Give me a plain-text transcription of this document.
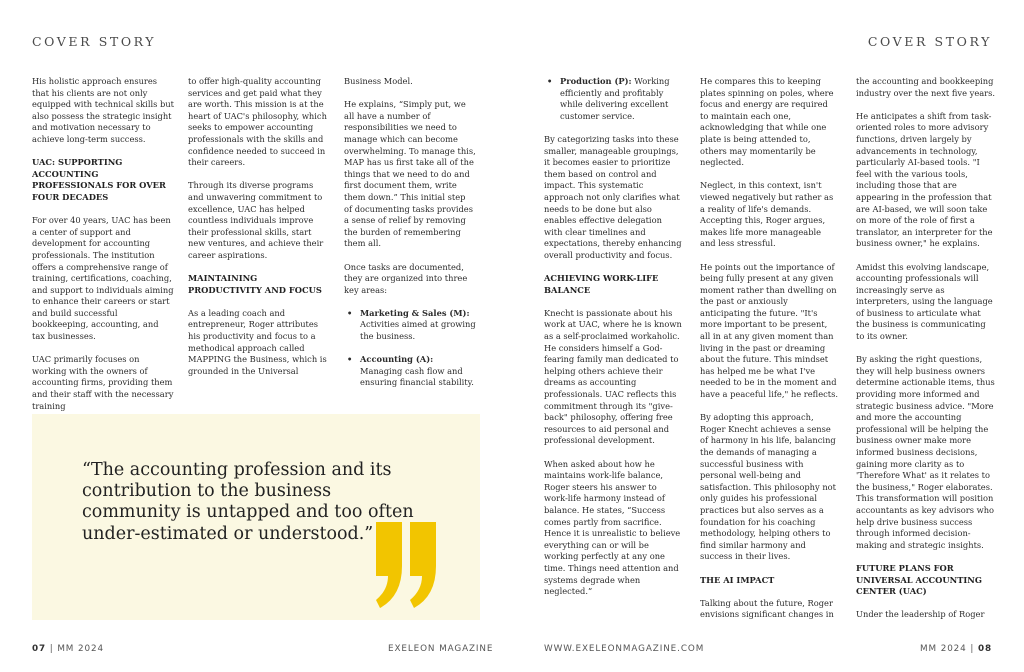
COVER STORY	COVER STORY

His holistic approach ensures that his clients are not only equipped with technical skills but also possess the strategic insight and motivation necessary to achieve long-term success.

UAC: SUPPORTING ACCOUNTING PROFESSIONALS FOR OVER FOUR DECADES

For over 40 years, UAC has been a center of support and development for accounting professionals. The institution offers a comprehensive range of training, certifications, coaching, and support to individuals aiming to enhance their careers or start and build successful bookkeeping, accounting, and tax businesses.

UAC primarily focuses on working with the owners of accounting firms, providing them and their staff with the necessary training

to offer high-quality accounting services and get paid what they are worth. This mission is at the heart of UAC's philosophy, which seeks to empower accounting professionals with the skills and confidence needed to succeed in their careers.

Through its diverse programs and unwavering commitment to excellence, UAC has helped countless individuals improve their professional skills, start new ventures, and achieve their career aspirations.

MAINTAINING PRODUCTIVITY AND FOCUS

As a leading coach and entrepreneur, Roger attributes his productivity and focus to a methodical approach called MAPPING the Business, which is grounded in the Universal

Business Model.

He explains, “Simply put, we all have a number of responsibilities we need to manage which can become overwhelming. To manage this, MAP has us first take all of the things that we need to do and first document them, write them down.” This initial step of documenting tasks provides a sense of relief by removing the burden of remembering them all.

Once tasks are documented, they are organized into three key areas:

• Marketing & Sales (M): Activities aimed at growing the business.
• Accounting (A): Managing cash flow and ensuring financial stability.
“The accounting profession and its contribution to the business community is untapped and too often under-estimated or understood.”
• Production (P): Working efficiently and profitably while delivering excellent customer service.

By categorizing tasks into these smaller, manageable groupings, it becomes easier to prioritize them based on control and impact. This systematic approach not only clarifies what needs to be done but also enables effective delegation with clear timelines and expectations, thereby enhancing overall productivity and focus.

ACHIEVING WORK-LIFE BALANCE

Knecht is passionate about his work at UAC, where he is known as a self-proclaimed workaholic. He considers himself a God-fearing family man dedicated to helping others achieve their dreams as accounting professionals. UAC reflects this commitment through its "give-back" philosophy, offering free resources to aid personal and professional development.

When asked about how he maintains work-life balance, Roger steers his answer to work-life harmony instead of balance. He states, “Success comes partly from sacrifice. Hence it is unrealistic to believe everything can or will be working perfectly at any one time. Things need attention and systems degrade when neglected.”

He compares this to keeping plates spinning on poles, where focus and energy are required to maintain each one, acknowledging that while one plate is being attended to, others may momentarily be neglected.

Neglect, in this context, isn't viewed negatively but rather as a reality of life's demands. Accepting this, Roger argues, makes life more manageable and less stressful.

He points out the importance of being fully present at any given moment rather than dwelling on the past or anxiously anticipating the future. "It's more important to be present, all in at any given moment than living in the past or dreaming about the future. This mindset has helped me be what I've needed to be in the moment and have a peaceful life," he reflects.

By adopting this approach, Roger Knecht achieves a sense of harmony in his life, balancing the demands of managing a successful business with personal well-being and satisfaction. This philosophy not only guides his professional practices but also serves as a foundation for his coaching methodology, helping others to find similar harmony and success in their lives.

THE AI IMPACT

Talking about the future, Roger envisions significant changes in

the accounting and bookkeeping industry over the next five years.

He anticipates a shift from task-oriented roles to more advisory functions, driven largely by advancements in technology, particularly AI-based tools. "I feel with the various tools, including those that are appearing in the profession that are AI-based, we will soon take on more of the role of first a translator, an interpreter for the business owner," he explains.

Amidst this evolving landscape, accounting professionals will increasingly serve as interpreters, using the language of business to articulate what the business is communicating to its owner.

By asking the right questions, they will help business owners determine actionable items, thus providing more informed and strategic business advice. "More and more the accounting professional will be helping the business owner make more informed business decisions, gaining more clarity as to 'Therefore What' as it relates to the business," Roger elaborates. This transformation will position accountants as key advisors who help drive business success through informed decision-making and strategic insights.

FUTURE PLANS FOR UNIVERSAL ACCOUNTING CENTER (UAC)

Under the leadership of Roger

07 | MM 2024	EXELEON MAGAZINE	WWW.EXELEONMAGAZINE.COM	MM 2024 | 08
